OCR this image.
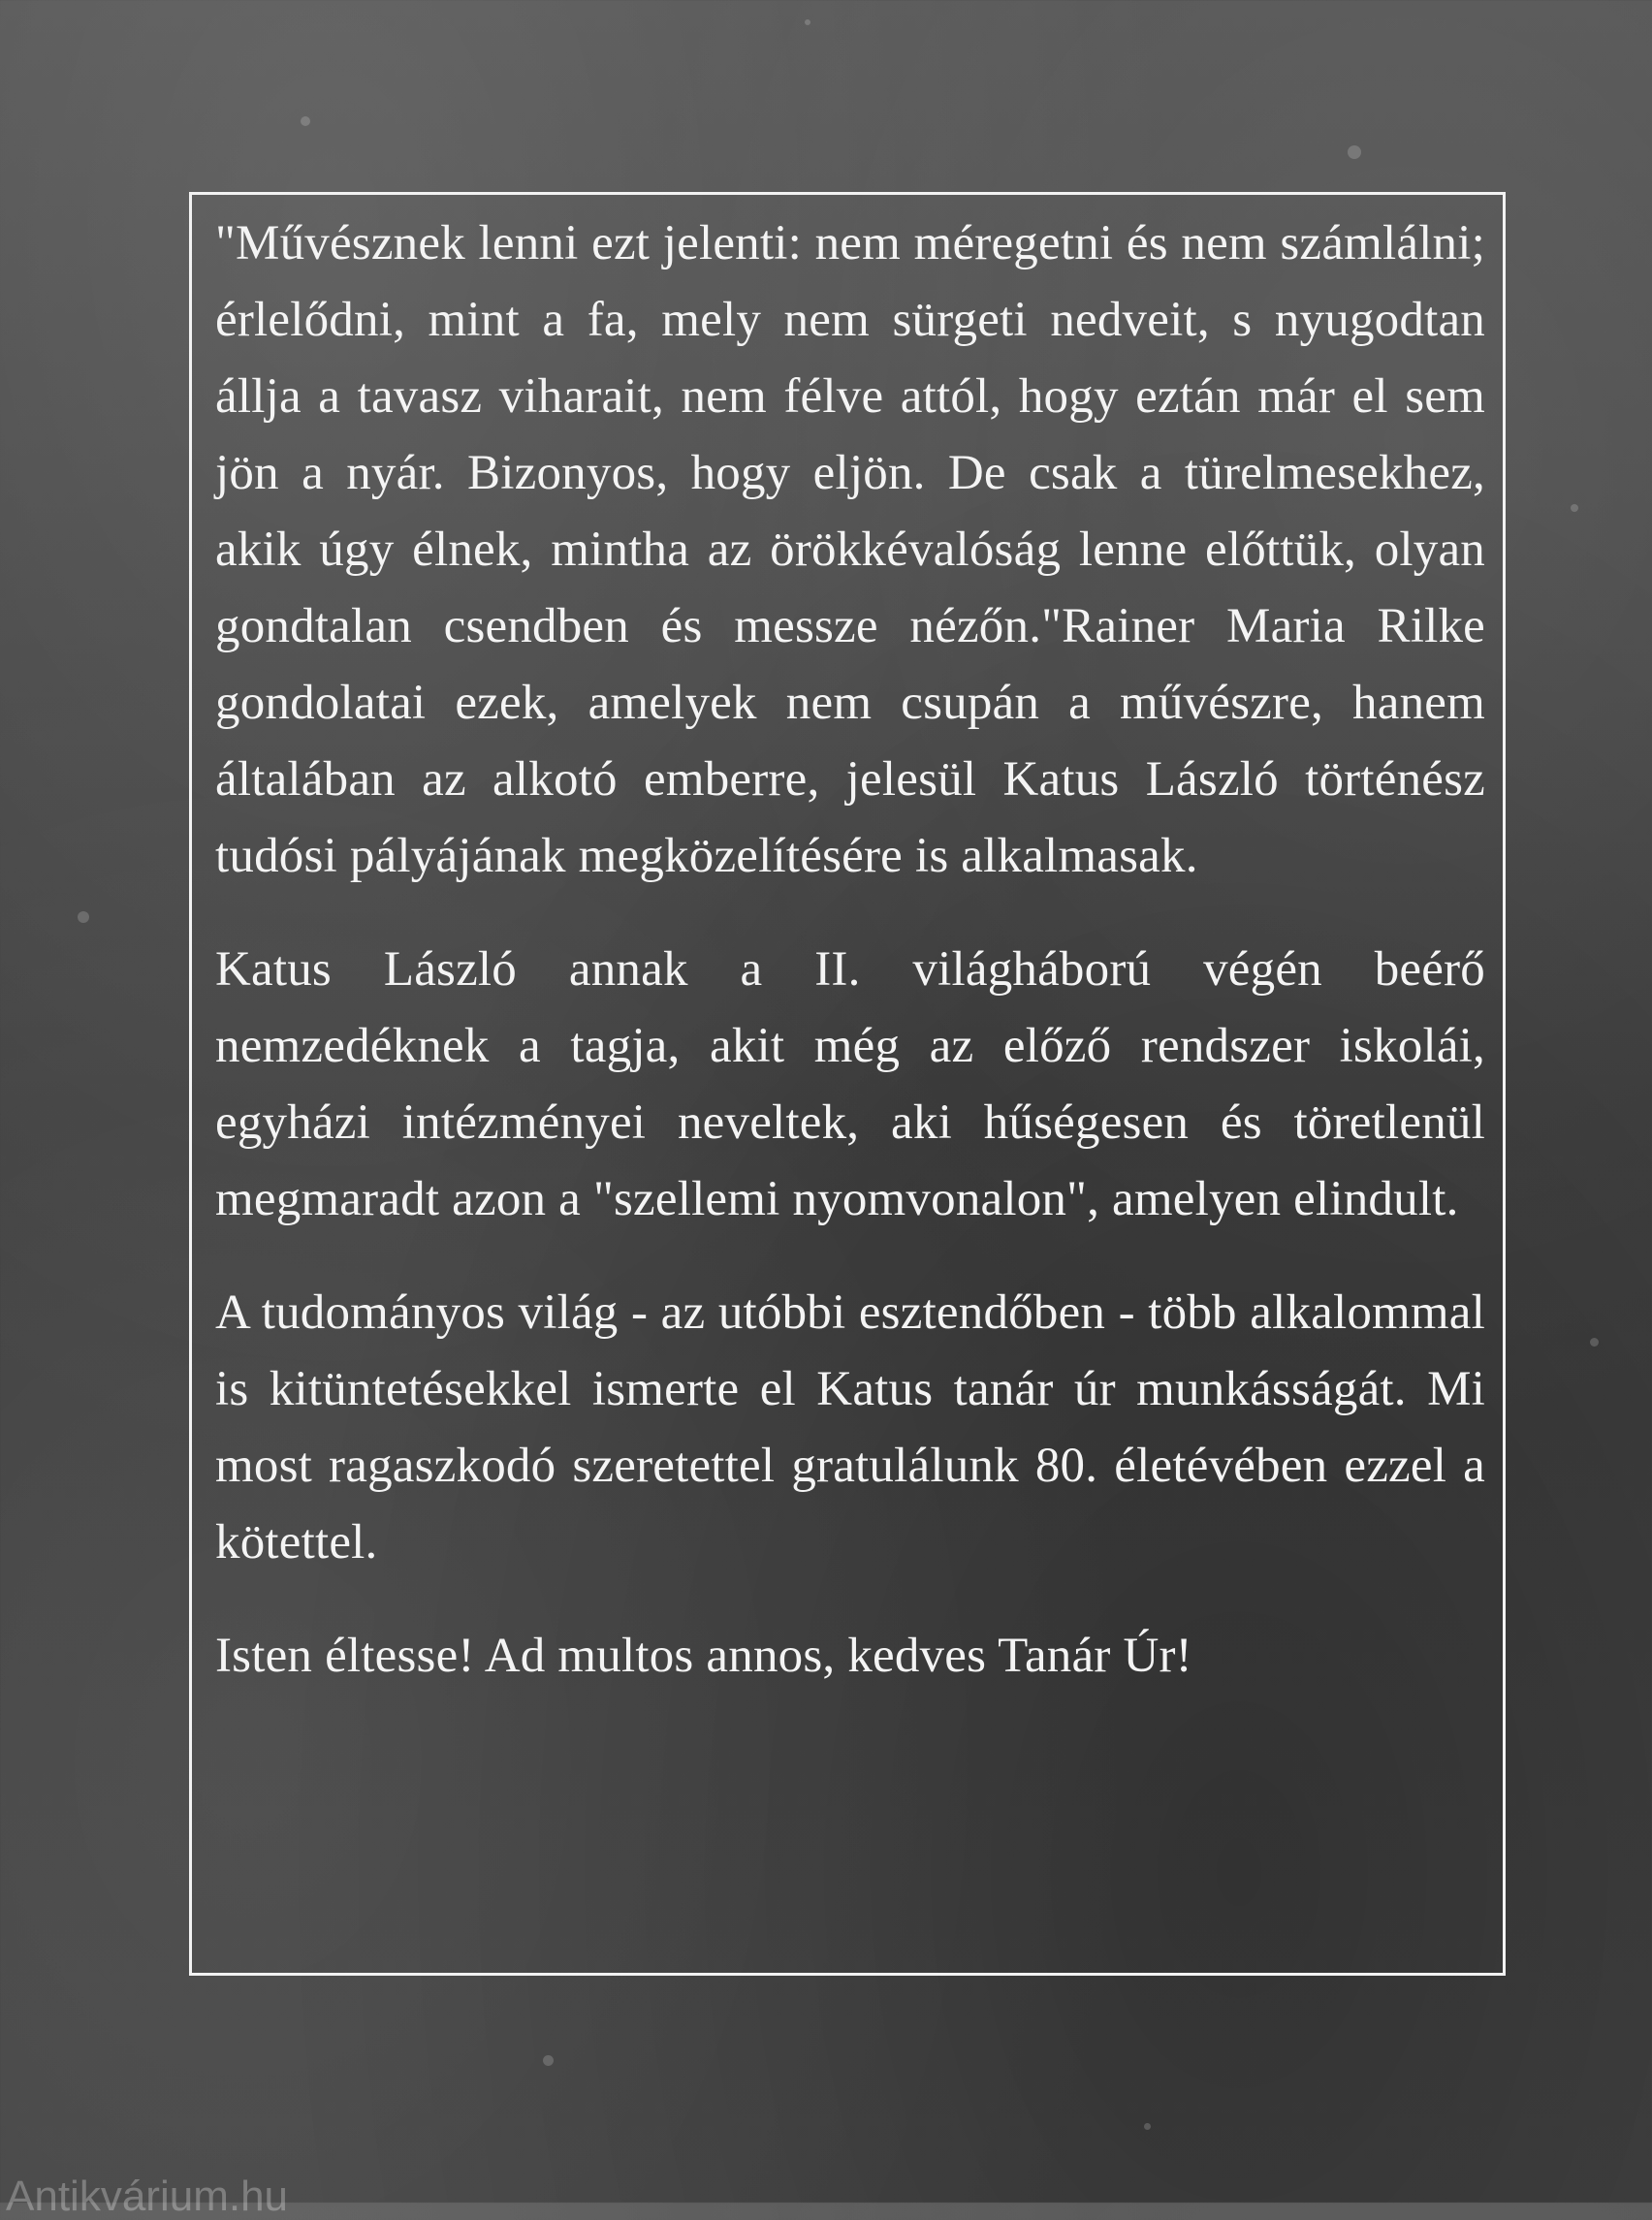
"Művésznek lenni ezt jelenti: nem méregetni és nem számlálni; érlelődni, mint a fa, mely nem sürgeti nedveit, s nyugodtan állja a tavasz viharait, nem félve attól, hogy eztán már el sem jön a nyár. Bizonyos, hogy eljön. De csak a türelmesekhez, akik úgy élnek, mintha az örökkévalóság lenne előttük, olyan gondtalan csendben és messze nézőn."Rainer Maria Rilke gondolatai ezek, amelyek nem csupán a művészre, hanem általában az alkotó emberre, jelesül Katus László történész tudósi pályájának megközelítésére is alkalmasak.

Katus László annak a II. világháború végén beérő nemzedéknek a tagja, akit még az előző rendszer iskolái, egyházi intézményei neveltek, aki hűségesen és töretlenül megmaradt azon a "szellemi nyomvonalon", amelyen elindult.

A tudományos világ - az utóbbi esztendőben - több alkalommal is kitüntetésekkel ismerte el Katus tanár úr munkásságát. Mi most ragaszkodó szeretettel gratulálunk 80. életévében ezzel a kötettel.

Isten éltesse! Ad multos annos, kedves Tanár Úr!

Antikvárium.hu
